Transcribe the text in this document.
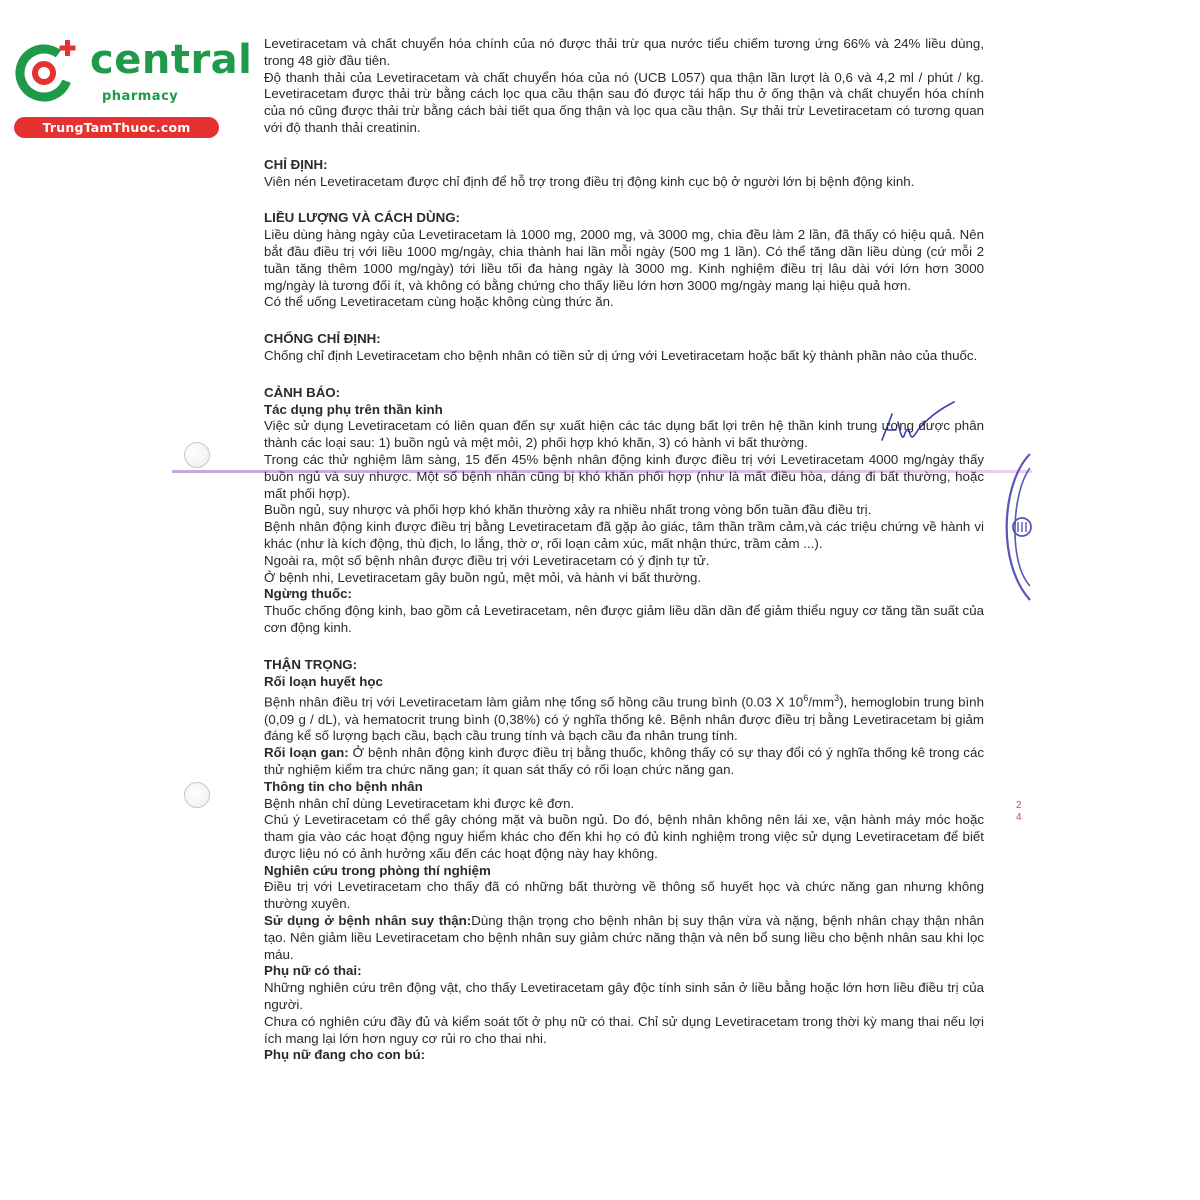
central
pharmacy
TrungTamThuoc.com
2
4

Levetiracetam và chất chuyển hóa chính của nó được thải trừ qua nước tiểu chiếm tương ứng 66% và 24% liều dùng, trong 48 giờ đầu tiên.

Độ thanh thải của Levetiracetam và chất chuyển hóa của nó (UCB L057) qua thận lần lượt là 0,6 và 4,2 ml / phút / kg. Levetiracetam được thải trừ bằng cách lọc qua cầu thận sau đó được tái hấp thu ở ống thận và chất chuyển hóa chính của nó cũng được thải trừ bằng cách bài tiết qua ống thận và lọc qua cầu thận. Sự thải trừ Levetiracetam có tương quan với độ thanh thải creatinin.

CHỈ ĐỊNH:

Viên nén Levetiracetam được chỉ định để hỗ trợ trong điều trị động kinh cục bộ ở người lớn bị bệnh động kinh.

LIỀU LƯỢNG VÀ CÁCH DÙNG:

Liều dùng hàng ngày của Levetiracetam là 1000 mg, 2000 mg, và 3000 mg, chia đều làm 2 lần, đã thấy có hiệu quả. Nên bắt đầu điều trị với liều 1000 mg/ngày, chia thành hai lần mỗi ngày (500 mg 1 lần). Có thể tăng dần liều dùng (cứ mỗi 2 tuần tăng thêm 1000 mg/ngày) tới liều tối đa hàng ngày là 3000 mg. Kinh nghiệm điều trị lâu dài với lớn hơn 3000 mg/ngày là tương đối ít, và không có bằng chứng cho thấy liều lớn hơn 3000 mg/ngày mang lại hiệu quả hơn.

Có thể uống Levetiracetam cùng hoặc không cùng thức ăn.

CHỐNG CHỈ ĐỊNH:

Chống chỉ định Levetiracetam cho bệnh nhân có tiền sử dị ứng với Levetiracetam hoặc bất kỳ thành phần nào của thuốc.

CẢNH BÁO:

Tác dụng phụ trên thần kinh

Việc sử dụng Levetiracetam có liên quan đến sự xuất hiện các tác dụng bất lợi trên hệ thần kinh trung ương được phân thành các loại sau: 1) buồn ngủ và mệt mỏi, 2) phối hợp khó khăn, 3) có hành vi bất thường.

Trong các thử nghiệm lâm sàng, 15 đến 45% bệnh nhân động kinh được điều trị với Levetiracetam 4000 mg/ngày thấy buồn ngủ và suy nhược. Một số bệnh nhân cũng bị khó khăn phối hợp (như là mất điều hòa, dáng đi bất thường, hoặc mất phối hợp).

Buồn ngủ, suy nhược và phối hợp khó khăn thường xảy ra nhiều nhất trong vòng bốn tuần đầu điều trị.

Bệnh nhân động kinh được điều trị bằng Levetiracetam đã gặp ảo giác, tâm thần trầm cảm,và các triệu chứng về hành vi khác (như là kích động, thù địch, lo lắng, thờ ơ, rối loạn cảm xúc, mất nhận thức, trầm cảm ...).

Ngoài ra, một số bệnh nhân được điều trị với Levetiracetam có ý định tự tử.

Ở bệnh nhi, Levetiracetam gây buồn ngủ, mệt mỏi, và hành vi bất thường.

Ngừng thuốc:

Thuốc chống động kinh, bao gồm cả Levetiracetam, nên được giảm liều dần dần để giảm thiểu nguy cơ tăng tần suất của cơn động kinh.

THẬN TRỌNG:

Rối loạn huyết học

Bệnh nhân điều trị với Levetiracetam làm giảm nhẹ tổng số hồng cầu trung bình (0.03 X $10^6/mm^3$), hemoglobin trung bình (0,09 g / dL), và hematocrit trung bình (0,38%) có ý nghĩa thống kê. Bệnh nhân được điều trị bằng Levetiracetam bị giảm đáng kể số lượng bạch cầu, bạch cầu trung tính và bạch cầu đa nhân trung tính.

Rối loạn gan: Ở bệnh nhân động kinh được điều trị bằng thuốc, không thấy có sự thay đổi có ý nghĩa thống kê trong các thử nghiệm kiểm tra chức năng gan; ít quan sát thấy có rối loạn chức năng gan.

Thông tin cho bệnh nhân

Bệnh nhân chỉ dùng Levetiracetam khi được kê đơn.

Chú ý Levetiracetam có thể gây chóng mặt và buồn ngủ. Do đó, bệnh nhân không nên lái xe, vận hành máy móc hoặc tham gia vào các hoạt động nguy hiểm khác cho đến khi họ có đủ kinh nghiệm trong việc sử dụng Levetiracetam để biết được liệu nó có ảnh hưởng xấu đến các hoạt động này hay không.

Nghiên cứu trong phòng thí nghiệm

Điều trị với Levetiracetam cho thấy đã có những bất thường về thông số huyết học và chức năng gan nhưng không thường xuyên.

Sử dụng ở bệnh nhân suy thận:Dùng thận trọng cho bệnh nhân bị suy thận vừa và nặng, bệnh nhân chạy thận nhân tạo. Nên giảm liều Levetiracetam cho bệnh nhân suy giảm chức năng thận và nên bổ sung liều cho bệnh nhân sau khi lọc máu.

Phụ nữ có thai:

Những nghiên cứu trên động vật, cho thấy Levetiracetam gây độc tính sinh sản ở liều bằng hoặc lớn hơn liều điều trị của người.

Chưa có nghiên cứu đầy đủ và kiểm soát tốt ở phụ nữ có thai. Chỉ sử dụng Levetiracetam trong thời kỳ mang thai nếu lợi ích mang lại lớn hơn nguy cơ rủi ro cho thai nhi.

Phụ nữ đang cho con bú:
